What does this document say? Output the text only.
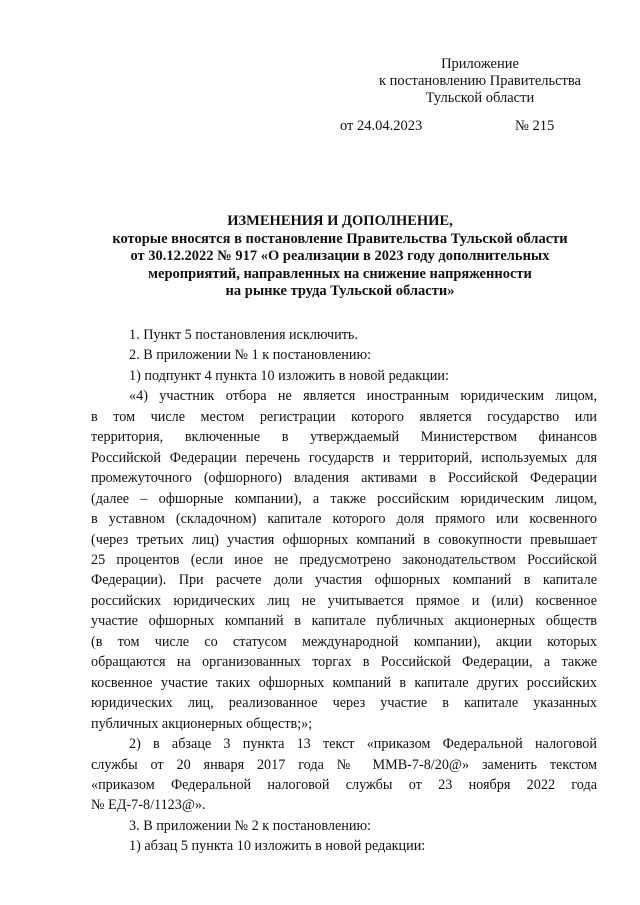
Приложение
к постановлению Правительства
Тульской области
от 24.04.2023	№ 215
ИЗМЕНЕНИЯ И ДОПОЛНЕНИЕ,
которые вносятся в постановление Правительства Тульской области
от 30.12.2022 № 917 «О реализации в 2023 году дополнительных
мероприятий, направленных на снижение напряженности
на рынке труда Тульской области»
1. Пункт 5 постановления исключить.
2. В приложении № 1 к постановлению:
1) подпункт 4 пункта 10 изложить в новой редакции:
«4) участник отбора не является иностранным юридическим лицом,
в том числе местом регистрации которого является государство или
территория, включенные в утверждаемый Министерством финансов
Российской Федерации перечень государств и территорий, используемых для
промежуточного (офшорного) владения активами в Российской Федерации
(далее – офшорные компании), а также российским юридическим лицом,
в уставном (складочном) капитале которого доля прямого или косвенного
(через третьих лиц) участия офшорных компаний в совокупности превышает
25 процентов (если иное не предусмотрено законодательством Российской
Федерации). При расчете доли участия офшорных компаний в капитале
российских юридических лиц не учитывается прямое и (или) косвенное
участие офшорных компаний в капитале публичных акционерных обществ
(в том числе со статусом международной компании), акции которых
обращаются на организованных торгах в Российской Федерации, а также
косвенное участие таких офшорных компаний в капитале других российских
юридических лиц, реализованное через участие в капитале указанных
публичных акционерных обществ;»;
2) в абзаце 3 пункта 13 текст «приказом Федеральной налоговой
службы от 20 января 2017 года № ММВ-7-8/20@» заменить текстом
«приказом Федеральной налоговой службы от 23 ноября 2022 года
№ ЕД-7-8/1123@».
3. В приложении № 2 к постановлению:
1) абзац 5 пункта 10 изложить в новой редакции:
